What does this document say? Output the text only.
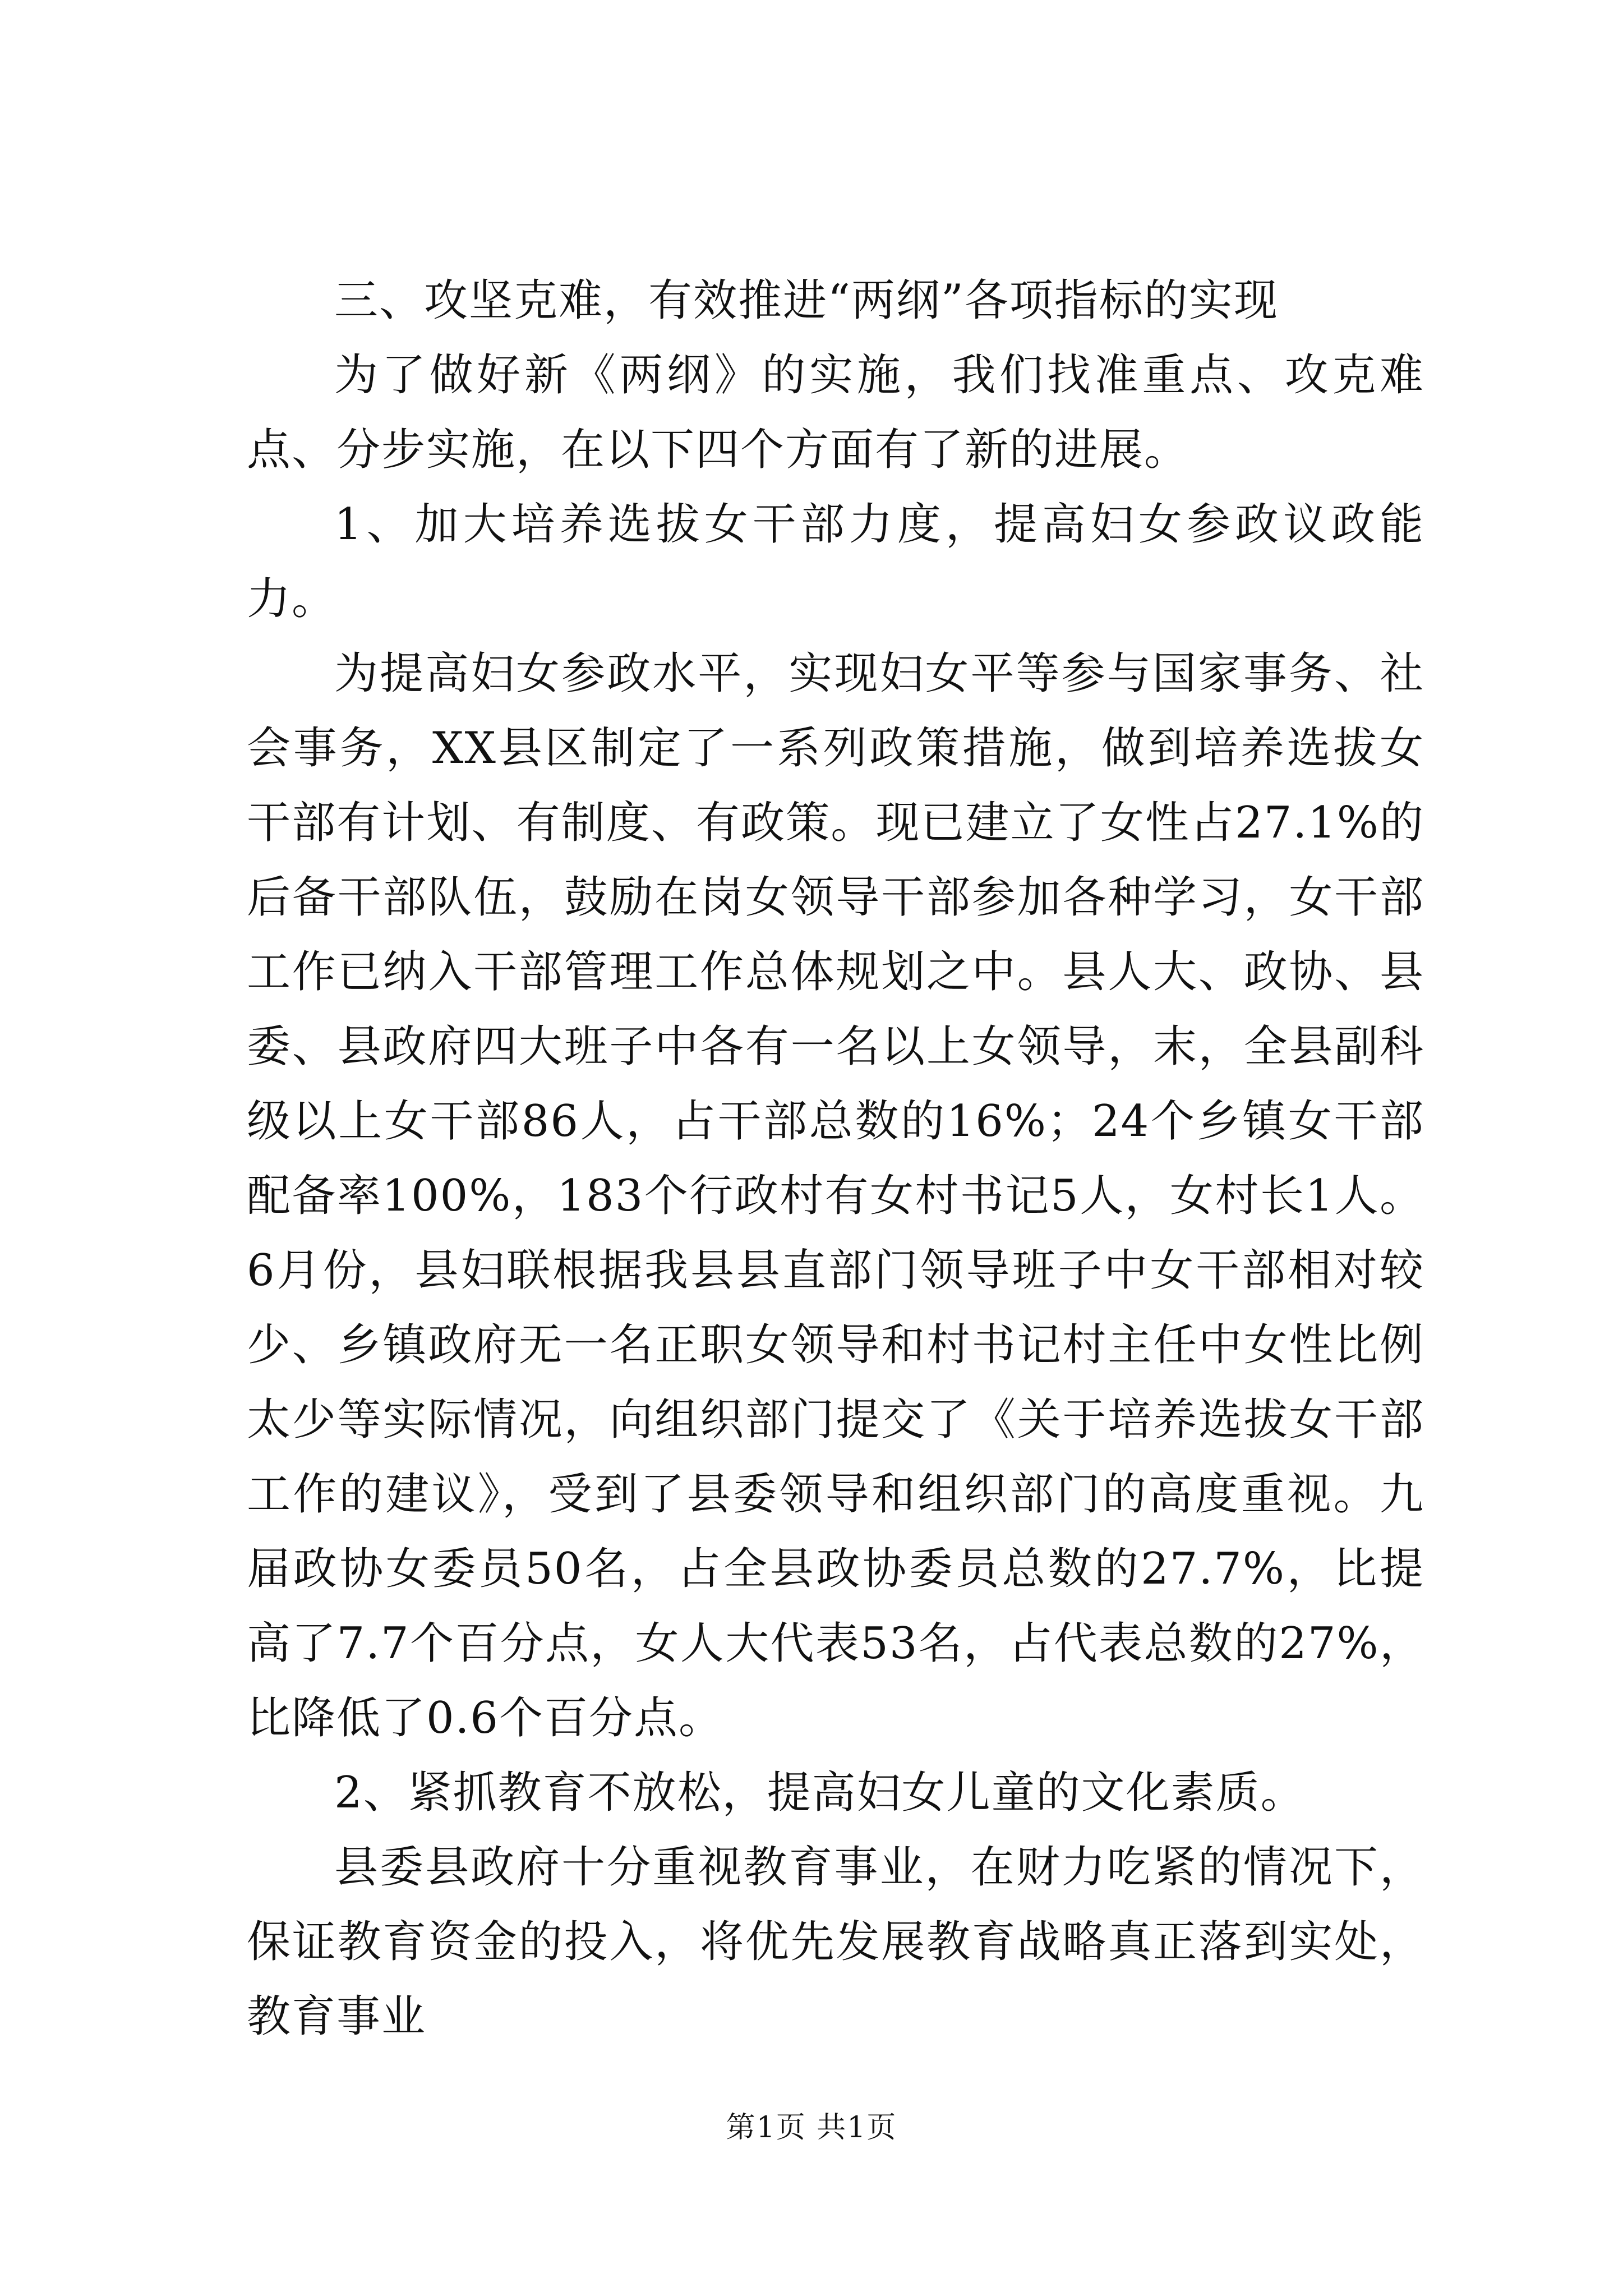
三、攻坚克难，有效推进“两纲”各项指标的实现

为了做好新《两纲》的实施，我们找准重点、攻克难点、分步实施，在以下四个方面有了新的进展。

1、加大培养选拔女干部力度，提高妇女参政议政能力。

为提高妇女参政水平，实现妇女平等参与国家事务、社会事务，XX县区制定了一系列政策措施，做到培养选拔女干部有计划、有制度、有政策。现已建立了女性占27.1%的后备干部队伍，鼓励在岗女领导干部参加各种学习，女干部工作已纳入干部管理工作总体规划之中。县人大、政协、县委、县政府四大班子中各有一名以上女领导，末，全县副科级以上女干部86人，占干部总数的16%；24个乡镇女干部配备率100%，183个行政村有女村书记5人，女村长1人。6月份，县妇联根据我县县直部门领导班子中女干部相对较少、乡镇政府无一名正职女领导和村书记村主任中女性比例太少等实际情况，向组织部门提交了《关于培养选拔女干部工作的建议》，受到了县委领导和组织部门的高度重视。九届政协女委员50名，占全县政协委员总数的27.7%，比提高了7.7个百分点，女人大代表53名，占代表总数的27%，比降低了0.6个百分点。

2、紧抓教育不放松，提高妇女儿童的文化素质。

县委县政府十分重视教育事业，在财力吃紧的情况下，保证教育资金的投入，将优先发展教育战略真正落到实处，教育事业

第1页 共1页
